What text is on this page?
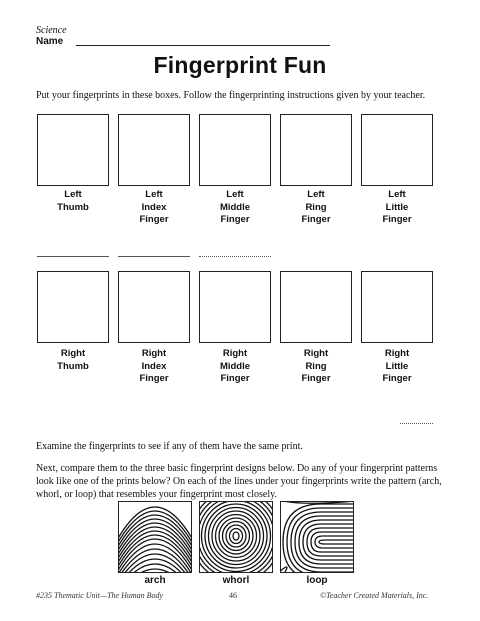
Science
Name
Fingerprint Fun
Put your fingerprints in these boxes. Follow the fingerprinting instructions given by your teacher.
Left
Thumb
Left
Index
Finger
Left
Middle
Finger
Left
Ring
Finger
Left
Little
Finger
Right
Thumb
Right
Index
Finger
Right
Middle
Finger
Right
Ring
Finger
Right
Little
Finger
Examine the fingerprints to see if any of them have the same print.
Next, compare them to the three basic fingerprint designs below. Do any of your fingerprint patterns look like one of the prints below? On each of the lines under your fingerprints write the pattern (arch, whorl, or loop) that resembles your fingerprint most closely.
arch	whorl	loop
#235 Thematic Unit—The Human Body	46	©Teacher Created Materials, Inc.
